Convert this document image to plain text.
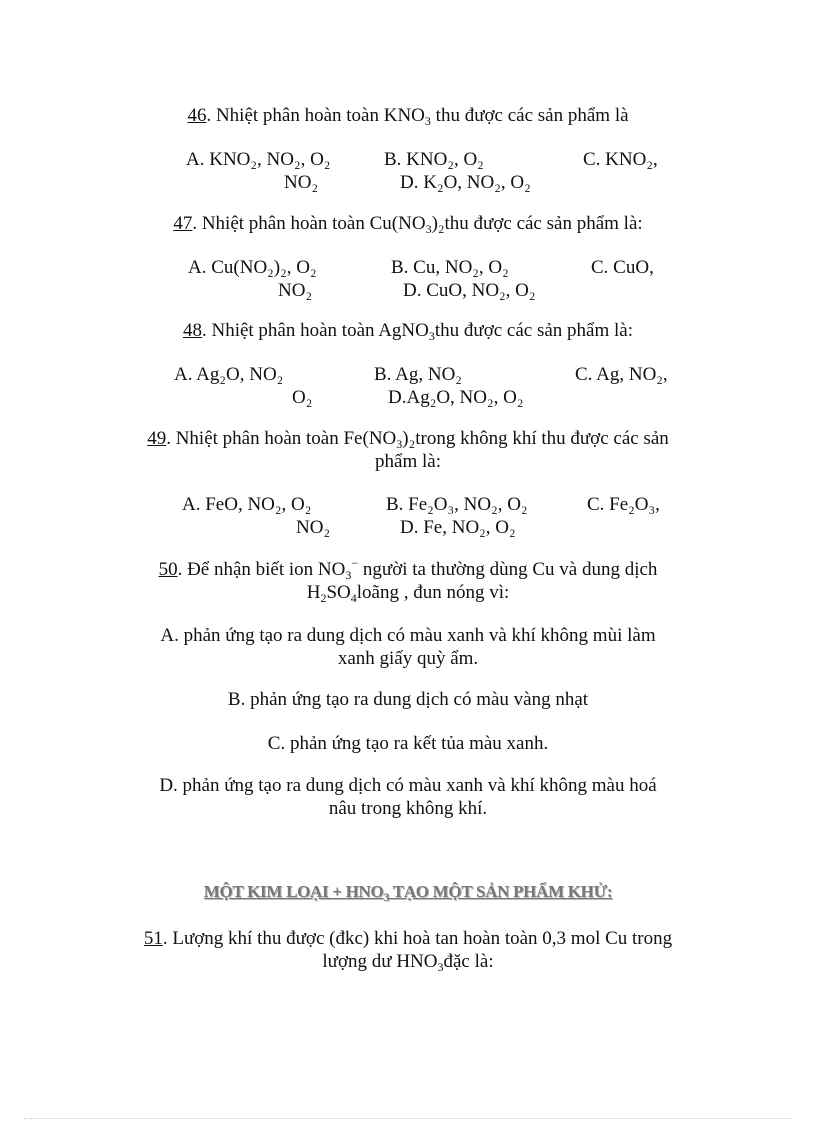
46. Nhiệt phân hoàn toàn $KNO_3$ thu được các sản phẩm là
A. KNO₂, NO₂, O₂	B. KNO₂, O₂	C. KNO₂,
NO₂	D. K₂O, NO₂, O₂
47. Nhiệt phân hoàn toàn $Cu(NO_3)_2thu$ được các sản phẩm là:
A. Cu(NO₂)₂, O₂	B. Cu, NO₂, O₂	C. CuO,
NO₂	D. CuO, NO₂, O₂
48. Nhiệt phân hoàn toàn AgNO$_3$thu được các sản phẩm là:
A. Ag₂O, NO₂	B. Ag, NO₂	C. Ag, NO₂,
O₂	D.Ag₂O, NO₂, O₂
49. Nhiệt phân hoàn toàn $Fe(NO_3)_2trong$ không khí thu được các sản
phẩm là:
A. FeO, NO₂, O₂	B. Fe₂O₃, NO₂, O₂	C. Fe₂O₃,
NO₂	D. Fe, NO₂, O₂
50. Để nhận biết ion $NO_3^-$ người ta thường dùng Cu và dung dịch
$H_2SO_4loãng$ , đun nóng vì:
A. phản ứng tạo ra dung dịch có màu xanh và khí không mùi làm
xanh giấy quỳ ẩm.
B. phản ứng tạo ra dung dịch có màu vàng nhạt
C. phản ứng tạo ra kết tủa màu xanh.
D. phản ứng tạo ra dung dịch có màu xanh và khí không màu hoá
nâu trong không khí.
MỘT KIM LOẠI + $HNO_3$ TẠO MỘT SẢN PHẨM KHỬ:
51. Lượng khí thu được (đkc) khi hoà tan hoàn toàn 0,3 mol Cu trong
lượng dư $HNO_3đặc$ là:
